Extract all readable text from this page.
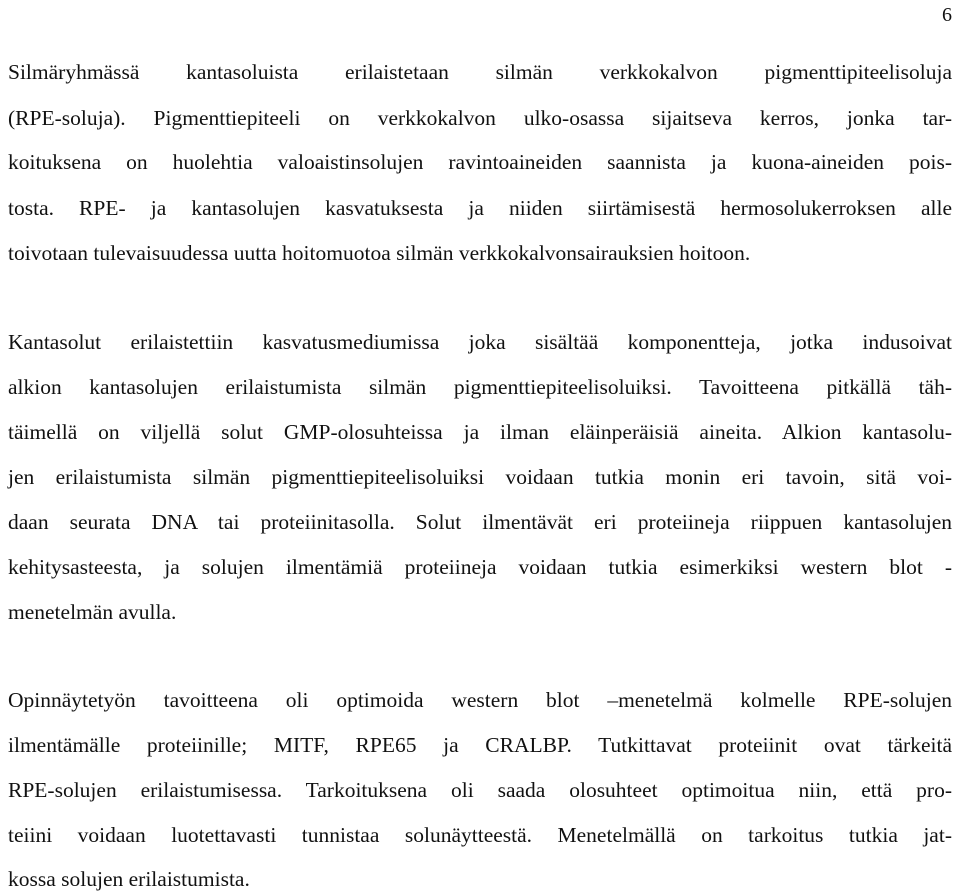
6
Silmäryhmässä kantasoluista erilaistetaan silmän verkkokalvon pigmenttipiteelisoluja
(RPE-soluja). Pigmenttiepiteeli on verkkokalvon ulko-osassa sijaitseva kerros, jonka tar-
koituksena on huolehtia valoaistinsolujen ravintoaineiden saannista ja kuona-aineiden pois-
tosta. RPE- ja kantasolujen kasvatuksesta ja niiden siirtämisestä hermosolukerroksen alle
toivotaan tulevaisuudessa uutta hoitomuotoa silmän verkkokalvonsairauksien hoitoon.
Kantasolut erilaistettiin kasvatusmediumissa joka sisältää komponentteja, jotka indusoivat
alkion kantasolujen erilaistumista silmän pigmenttiepiteelisoluiksi. Tavoitteena pitkällä täh-
täimellä on viljellä solut GMP-olosuhteissa ja ilman eläinperäisiä aineita. Alkion kantasolu-
jen erilaistumista silmän pigmenttiepiteelisoluiksi voidaan tutkia monin eri tavoin, sitä voi-
daan seurata DNA tai proteiinitasolla. Solut ilmentävät eri proteiineja riippuen kantasolujen
kehitysasteesta, ja solujen ilmentämiä proteiineja voidaan tutkia esimerkiksi western blot -
menetelmän avulla.
Opinnäytetyön tavoitteena oli optimoida western blot –menetelmä kolmelle RPE-solujen
ilmentämälle proteiinille; MITF, RPE65 ja CRALBP. Tutkittavat proteiinit ovat tärkeitä
RPE-solujen erilaistumisessa. Tarkoituksena oli saada olosuhteet optimoitua niin, että pro-
teiini voidaan luotettavasti tunnistaa solunäytteestä. Menetelmällä on tarkoitus tutkia jat-
kossa solujen erilaistumista.
